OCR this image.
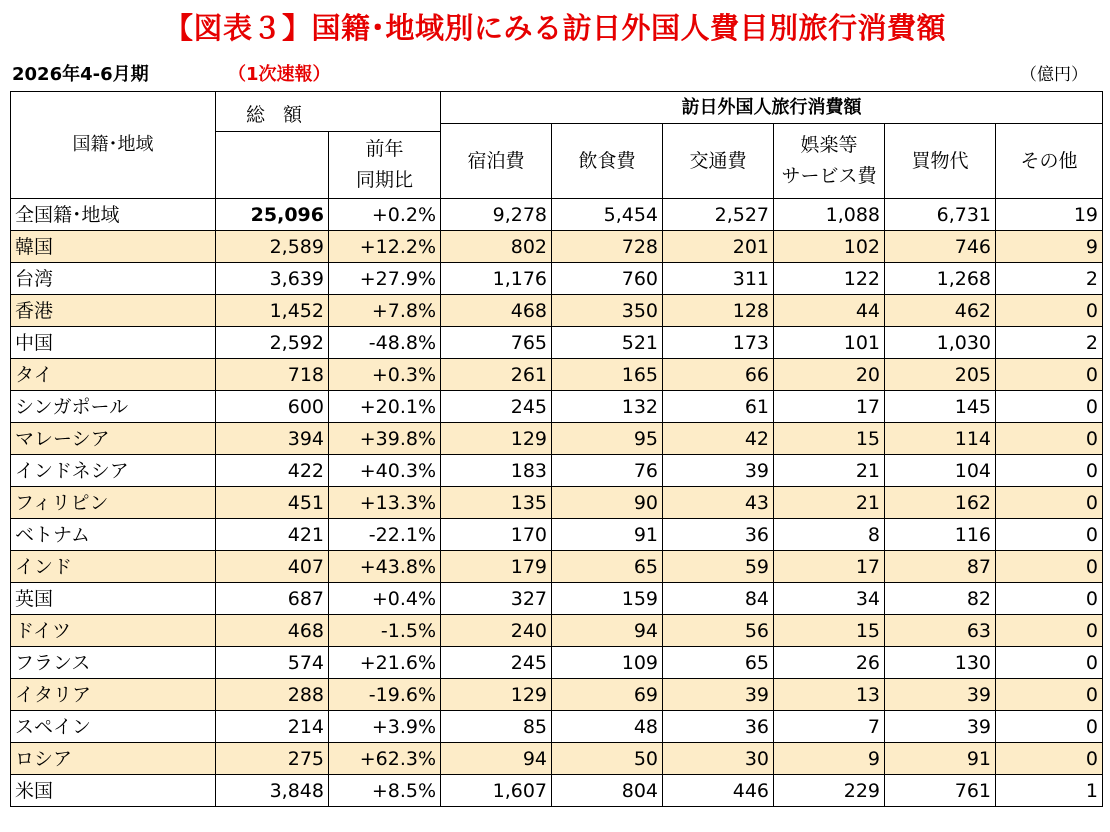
【図表３】国籍･地域別にみる訪日外国人費目別旅行消費額
2026年4-6月期	（1次速報）	（億円）
国籍･地域	総 額		訪日外国人旅行消費額					
			宿泊費	飲食費	交通費	娯楽等
サービス費	買物代	その他

		前年
同期比						

全国籍･地域	25,096	+0.2%	9,278	5,454	2,527	1,088	6,731	19
韓国	2,589	+12.2%	802	728	201	102	746	9
台湾	3,639	+27.9%	1,176	760	311	122	1,268	2
香港	1,452	+7.8%	468	350	128	44	462	0
中国	2,592	-48.8%	765	521	173	101	1,030	2
タイ	718	+0.3%	261	165	66	20	205	0
シンガポール	600	+20.1%	245	132	61	17	145	0
マレーシア	394	+39.8%	129	95	42	15	114	0
インドネシア	422	+40.3%	183	76	39	21	104	0
フィリピン	451	+13.3%	135	90	43	21	162	0
ベトナム	421	-22.1%	170	91	36	8	116	0
インド	407	+43.8%	179	65	59	17	87	0
英国	687	+0.4%	327	159	84	34	82	0
ドイツ	468	-1.5%	240	94	56	15	63	0
フランス	574	+21.6%	245	109	65	26	130	0
イタリア	288	-19.6%	129	69	39	13	39	0
スペイン	214	+3.9%	85	48	36	7	39	0
ロシア	275	+62.3%	94	50	30	9	91	0
米国	3,848	+8.5%	1,607	804	446	229	761	1
